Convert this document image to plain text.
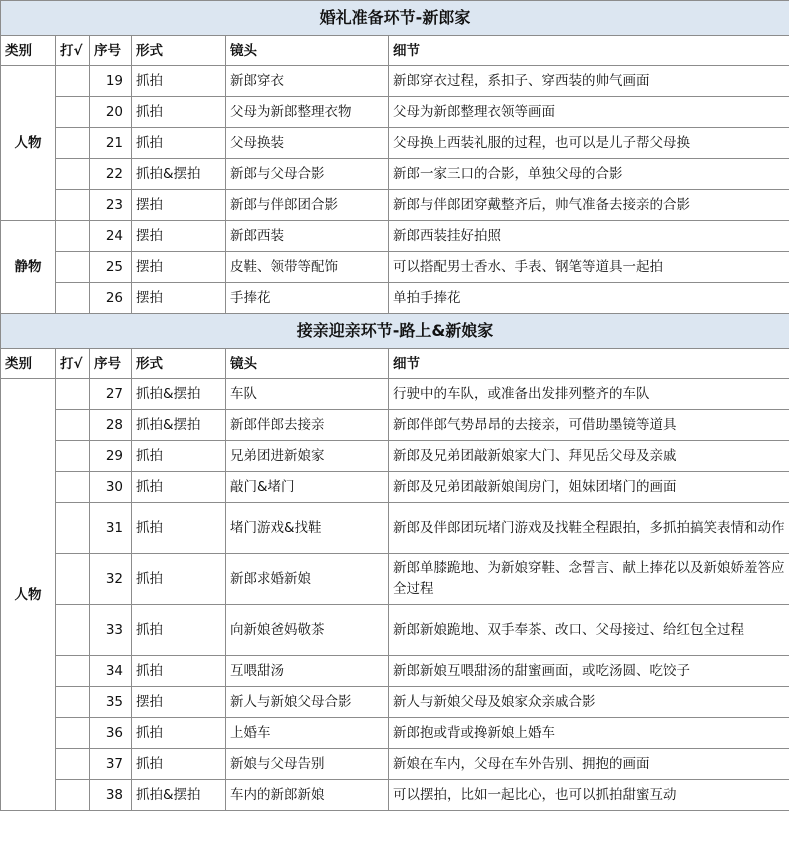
婚礼准备环节-新郎家					
类别	打√	序号	形式	镜头	细节
人物		19	抓拍	新郎穿衣	新郎穿衣过程，系扣子、穿西装的帅气画面
		20	抓拍	父母为新郎整理衣物	父母为新郎整理衣领等画面
		21	抓拍	父母换装	父母换上西装礼服的过程，也可以是儿子帮父母换
		22	抓拍&摆拍	新郎与父母合影	新郎一家三口的合影，单独父母的合影
		23	摆拍	新郎与伴郎团合影	新郎与伴郎团穿戴整齐后，帅气准备去接亲的合影
静物		24	摆拍	新郎西装	新郎西装挂好拍照
		25	摆拍	皮鞋、领带等配饰	可以搭配男士香水、手表、钢笔等道具一起拍
		26	摆拍	手捧花	单拍手捧花
接亲迎亲环节-路上&新娘家					
类别	打√	序号	形式	镜头	细节
人物		27	抓拍&摆拍	车队	行驶中的车队，或准备出发排列整齐的车队
		28	抓拍&摆拍	新郎伴郎去接亲	新郎伴郎气势昂昂的去接亲，可借助墨镜等道具
		29	抓拍	兄弟团进新娘家	新郎及兄弟团敲新娘家大门、拜见岳父母及亲戚
		30	抓拍	敲门&堵门	新郎及兄弟团敲新娘闺房门，姐妹团堵门的画面
		31	抓拍	堵门游戏&找鞋	新郎及伴郎团玩堵门游戏及找鞋全程跟拍，多抓拍搞笑表情和动作
		32	抓拍	新郎求婚新娘	新郎单膝跪地、为新娘穿鞋、念誓言、献上捧花以及新娘娇羞答应全过程
		33	抓拍	向新娘爸妈敬茶	新郎新娘跪地、双手奉茶、改口、父母接过、给红包全过程
		34	抓拍	互喂甜汤	新郎新娘互喂甜汤的甜蜜画面，或吃汤圆、吃饺子
		35	摆拍	新人与新娘父母合影	新人与新娘父母及娘家众亲戚合影
		36	抓拍	上婚车	新郎抱或背或搀新娘上婚车
		37	抓拍	新娘与父母告别	新娘在车内，父母在车外告别、拥抱的画面
		38	抓拍&摆拍	车内的新郎新娘	可以摆拍，比如一起比心，也可以抓拍甜蜜互动
